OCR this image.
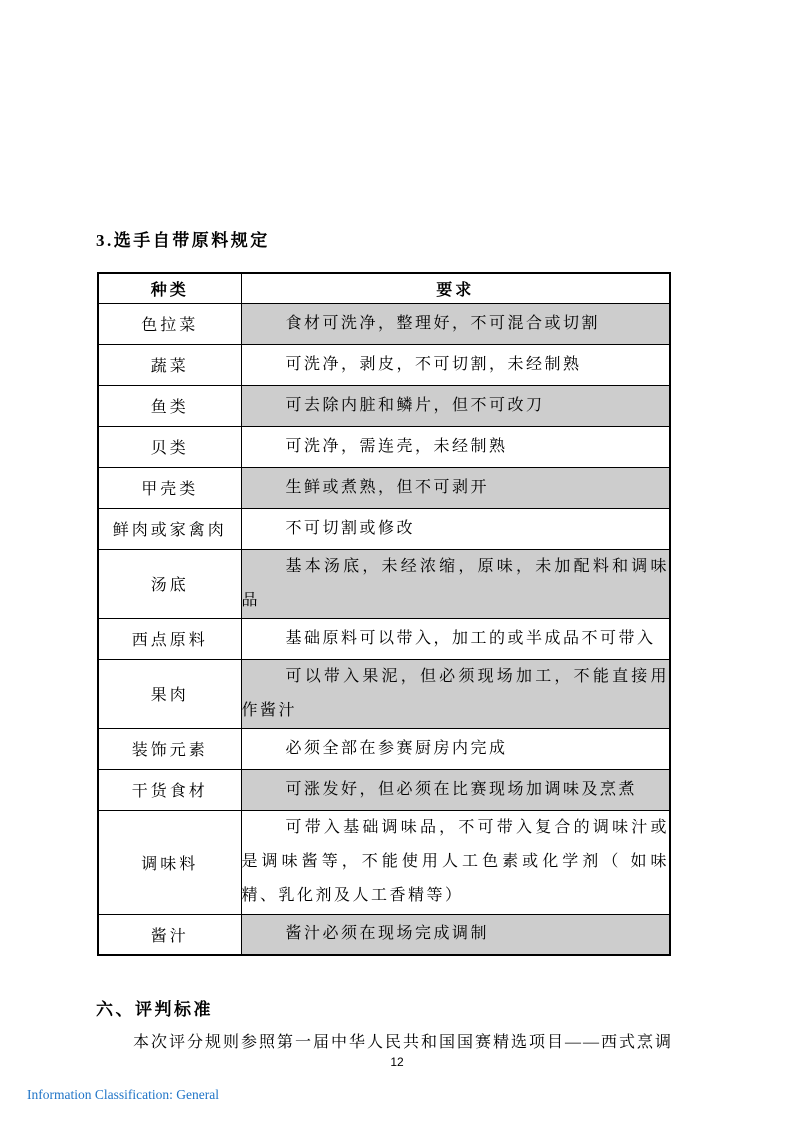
3.选手自带原料规定
种类	要求
色拉菜	食材可洗净，整理好，不可混合或切割
蔬菜	可洗净，剥皮，不可切割，未经制熟
鱼类	可去除内脏和鳞片，但不可改刀
贝类	可洗净，需连壳，未经制熟
甲壳类	生鲜或煮熟，但不可剥开
鲜肉或家禽肉	不可切割或修改
汤底	基本汤底，未经浓缩，原味，未加配料和调味品
西点原料	基础原料可以带入，加工的或半成品不可带入
果肉	可以带入果泥，但必须现场加工，不能直接用作酱汁
装饰元素	必须全部在参赛厨房内完成
干货食材	可涨发好，但必须在比赛现场加调味及烹煮
调味料	可带入基础调味品，不可带入复合的调味汁或是调味酱等，不能使用人工色素或化学剂（ 如味精、乳化剂及人工香精等）
酱汁	酱汁必须在现场完成调制
六、评判标准
本次评分规则参照第一届中华人民共和国国赛精选项目——西式烹调
12
Information Classification: General
